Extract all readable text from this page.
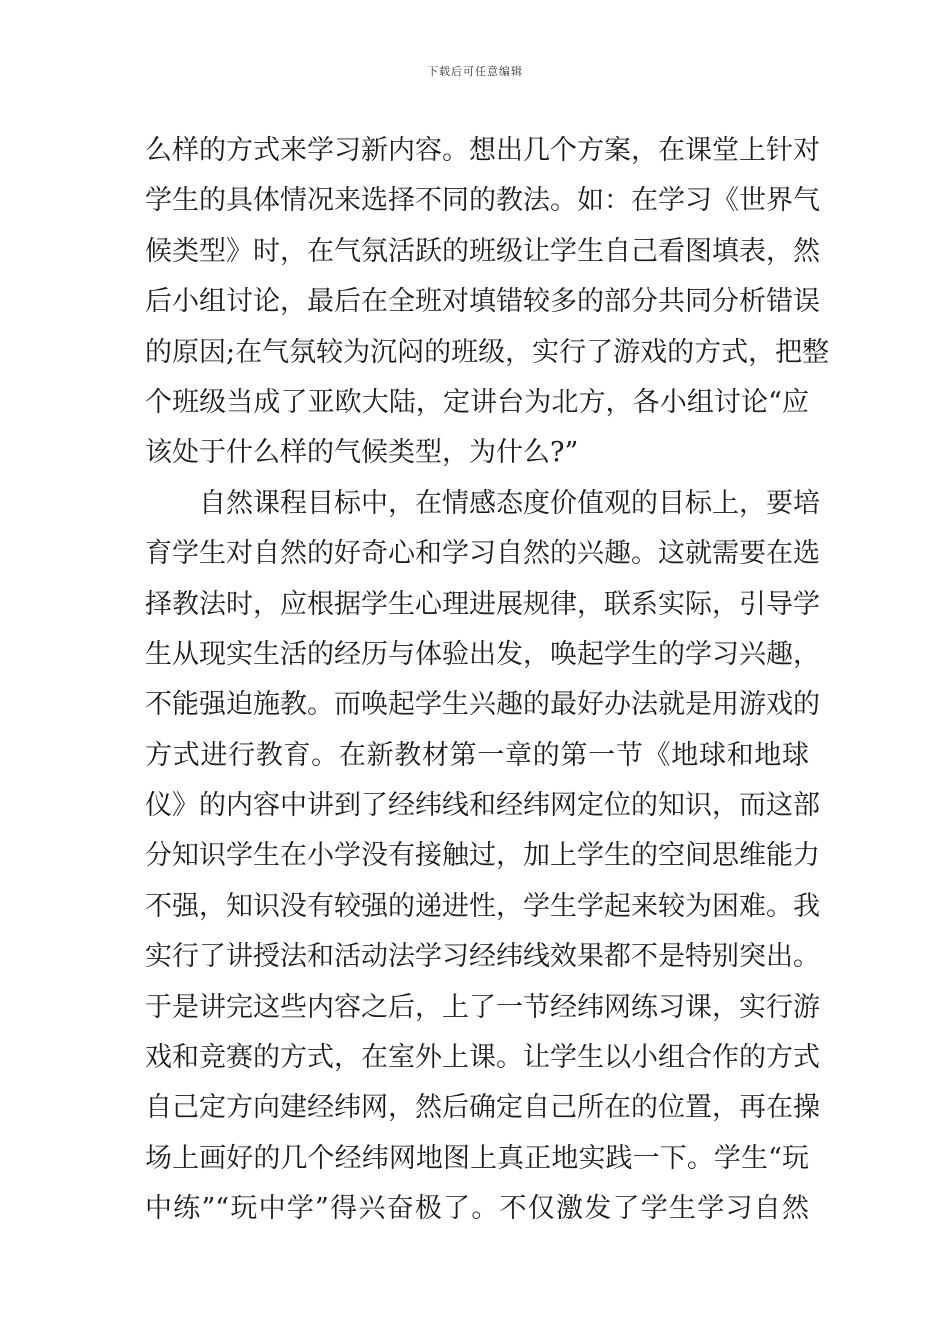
下载后可任意编辑
么样的方式来学习新内容。想出几个方案，在课堂上针对
学生的具体情况来选择不同的教法。如：在学习《世界气
候类型》时，在气氛活跃的班级让学生自己看图填表，然
后小组讨论，最后在全班对填错较多的部分共同分析错误
的原因;在气氛较为沉闷的班级，实行了游戏的方式，把整
个班级当成了亚欧大陆，定讲台为北方，各小组讨论“应
该处于什么样的气候类型，为什么?”
自然课程目标中，在情感态度价值观的目标上，要培
育学生对自然的好奇心和学习自然的兴趣。这就需要在选
择教法时，应根据学生心理进展规律，联系实际，引导学
生从现实生活的经历与体验出发，唤起学生的学习兴趣，
不能强迫施教。而唤起学生兴趣的最好办法就是用游戏的
方式进行教育。在新教材第一章的第一节《地球和地球
仪》的内容中讲到了经纬线和经纬网定位的知识，而这部
分知识学生在小学没有接触过，加上学生的空间思维能力
不强，知识没有较强的递进性，学生学起来较为困难。我
实行了讲授法和活动法学习经纬线效果都不是特别突出。
于是讲完这些内容之后，上了一节经纬网练习课，实行游
戏和竞赛的方式，在室外上课。让学生以小组合作的方式
自己定方向建经纬网，然后确定自己所在的位置，再在操
场上画好的几个经纬网地图上真正地实践一下。学生“玩
中练”“玩中学”得兴奋极了。不仅激发了学生学习自然
